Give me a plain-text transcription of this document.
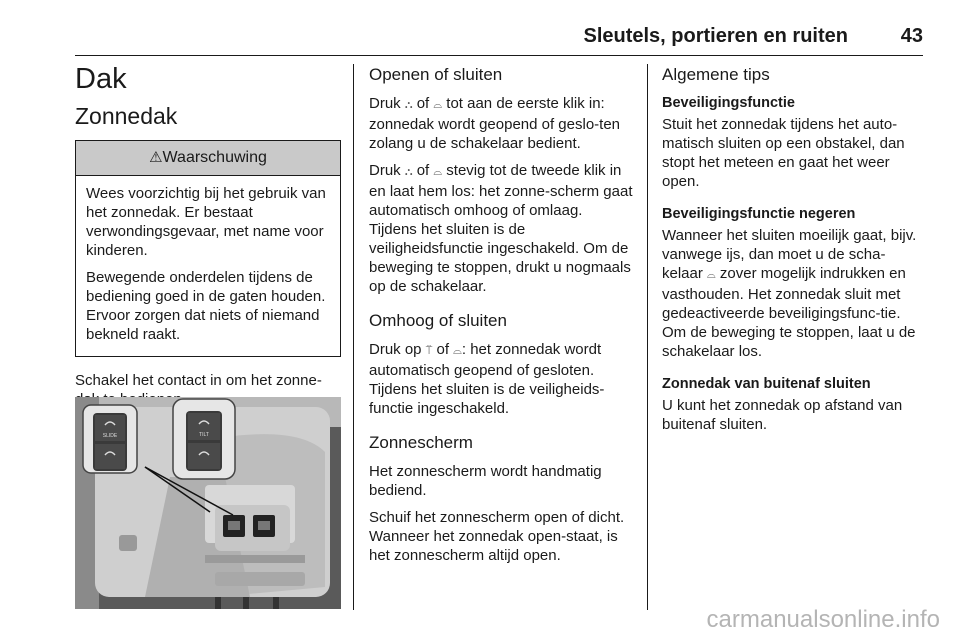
Sleutels, portieren en ruiten	43
Dak
Zonnedak
⚠Waarschuwing

Wees voorzichtig bij het gebruik van het zonnedak. Er bestaat verwondingsgevaar, met name voor kinderen.

Bewegende onderdelen tijdens de bediening goed in de gaten houden. Ervoor zorgen dat niets of niemand bekneld raakt.

Schakel het contact in om het zonne-

SLIDE	TILT
Openen of sluiten

Druk ⛬ of ⌓ tot aan de eerste klik in: zonnedak wordt geopend of geslo-ten zolang u de schakelaar bedient.

Druk ⛬ of ⌓ stevig tot de tweede klik in en laat hem los: het zonne-scherm gaat automatisch omhoog of omlaag. Tijdens het sluiten is de veiligheidsfunctie ingeschakeld. Om de beweging te stoppen, drukt u nogmaals op de schakelaar.

Omhoog of sluiten

Druk op ⍡ of ⌓: het zonnedak wordt automatisch geopend of gesloten. Tijdens het sluiten is de veiligheids-functie ingeschakeld.

Zonnescherm

Het zonnescherm wordt handmatig bediend.

Schuif het zonnescherm open of dicht. Wanneer het zonnedak open-staat, is het zonnescherm altijd open.

Algemene tips
Beveiligingsfunctie

Stuit het zonnedak tijdens het auto-matisch sluiten op een obstakel, dan stopt het meteen en gaat het weer open.

Beveiligingsfunctie negeren

Wanneer het sluiten moeilijk gaat, bijv. vanwege ijs, dan moet u de scha-kelaar ⌓ zover mogelijk indrukken en vasthouden. Het zonnedak sluit met gedeactiveerde beveiligingsfunc-tie. Om de beweging te stoppen, laat u de schakelaar los.

Zonnedak van buitenaf sluiten

U kunt het zonnedak op afstand van buitenaf sluiten.

carmanualsonline.info
